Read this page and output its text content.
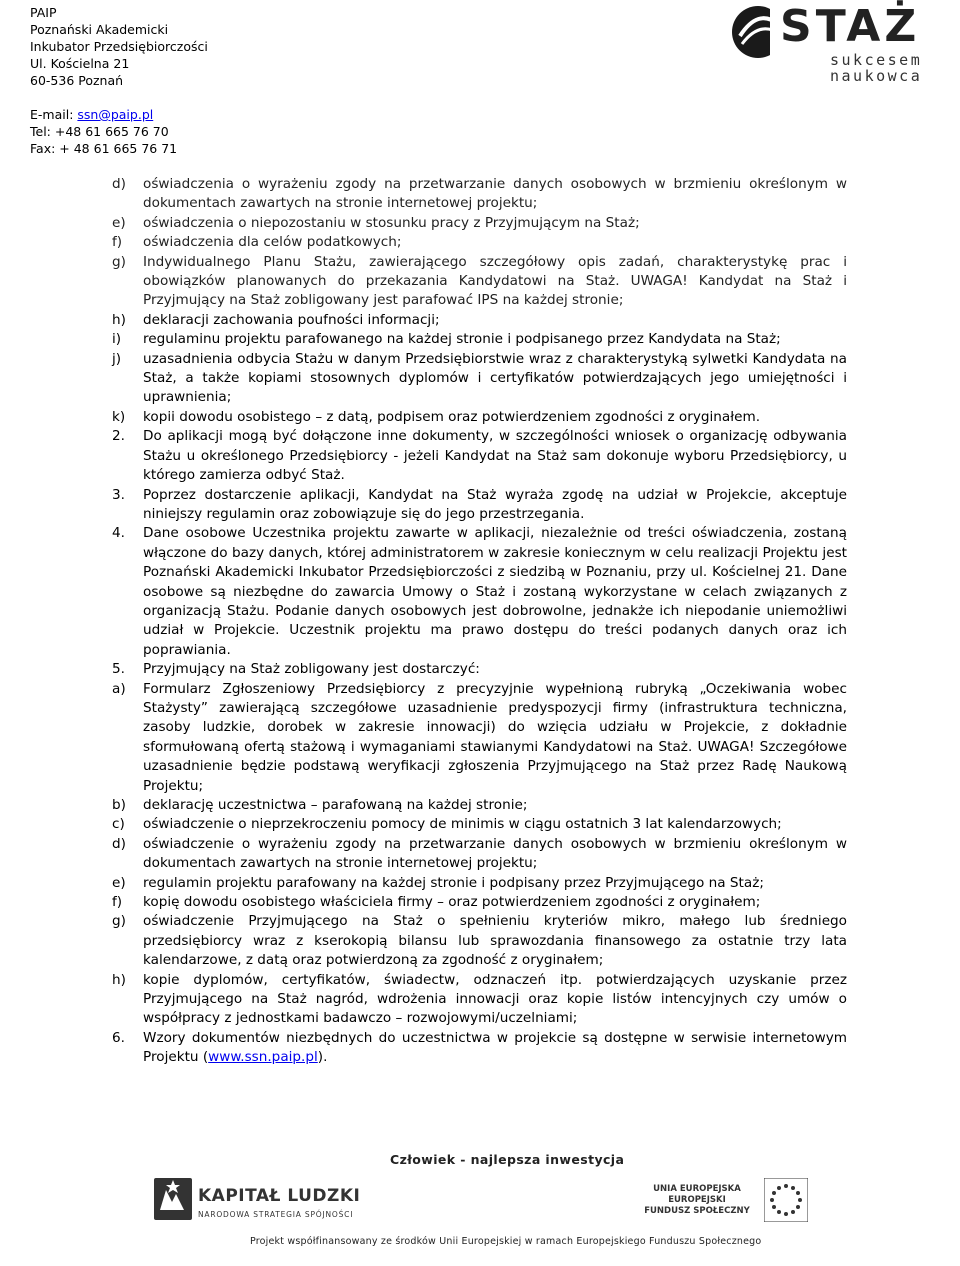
PAIP
Poznański Akademicki
Inkubator Przedsiębiorczości
Ul. Kościelna 21
60-536 Poznań
E-mail: ssn@paip.pl
Tel: +48 61 665 76 70
Fax: + 48 61 665 76 71
STAŻ
sukcesem
naukowca
d) oświadczenia o wyrażeniu zgody na przetwarzanie danych osobowych w brzmieniu określonym w dokumentach zawartych na stronie internetowej projektu;
e) oświadczenia o niepozostaniu w stosunku pracy z Przyjmującym na Staż;
f) oświadczenia dla celów podatkowych;
g) Indywidualnego Planu Stażu, zawierającego szczegółowy opis zadań, charakterystykę prac i obowiązków planowanych do przekazania Kandydatowi na Staż. UWAGA! Kandydat na Staż i Przyjmujący na Staż zobligowany jest parafować IPS na każdej stronie;
h) deklaracji zachowania poufności informacji;
i) regulaminu projektu parafowanego na każdej stronie i podpisanego przez Kandydata na Staż;
j) uzasadnienia odbycia Stażu w danym Przedsiębiorstwie wraz z charakterystyką sylwetki Kandydata na Staż, a także kopiami stosownych dyplomów i certyfikatów potwierdzających jego umiejętności i uprawnienia;
k) kopii dowodu osobistego – z datą, podpisem oraz potwierdzeniem zgodności z oryginałem.
2. Do aplikacji mogą być dołączone inne dokumenty, w szczególności wniosek o organizację odbywania Stażu u określonego Przedsiębiorcy - jeżeli Kandydat na Staż sam dokonuje wyboru Przedsiębiorcy, u którego zamierza odbyć Staż.
3. Poprzez dostarczenie aplikacji, Kandydat na Staż wyraża zgodę na udział w Projekcie, akceptuje niniejszy regulamin oraz zobowiązuje się do jego przestrzegania.
4. Dane osobowe Uczestnika projektu zawarte w aplikacji, niezależnie od treści oświadczenia, zostaną włączone do bazy danych, której administratorem w zakresie koniecznym w celu realizacji Projektu jest Poznański Akademicki Inkubator Przedsiębiorczości z siedzibą w Poznaniu, przy ul. Kościelnej 21. Dane osobowe są niezbędne do zawarcia Umowy o Staż i zostaną wykorzystane w celach związanych z organizacją Stażu. Podanie danych osobowych jest dobrowolne, jednakże ich niepodanie uniemożliwi udział w Projekcie. Uczestnik projektu ma prawo dostępu do treści podanych danych oraz ich poprawiania.
5. Przyjmujący na Staż zobligowany jest dostarczyć:
a) Formularz Zgłoszeniowy Przedsiębiorcy z precyzyjnie wypełnioną rubryką „Oczekiwania wobec Stażysty” zawierającą szczegółowe uzasadnienie predyspozycji firmy (infrastruktura techniczna, zasoby ludzkie, dorobek w zakresie innowacji) do wzięcia udziału w Projekcie, z dokładnie sformułowaną ofertą stażową i wymaganiami stawianymi Kandydatowi na Staż. UWAGA! Szczegółowe uzasadnienie będzie podstawą weryfikacji zgłoszenia Przyjmującego na Staż przez Radę Naukową Projektu;
b) deklarację uczestnictwa – parafowaną na każdej stronie;
c) oświadczenie o nieprzekroczeniu pomocy de minimis w ciągu ostatnich 3 lat kalendarzowych;
d) oświadczenie o wyrażeniu zgody na przetwarzanie danych osobowych w brzmieniu określonym w dokumentach zawartych na stronie internetowej projektu;
e) regulamin projektu parafowany na każdej stronie i podpisany przez Przyjmującego na Staż;
f) kopię dowodu osobistego właściciela firmy – oraz potwierdzeniem zgodności z oryginałem;
g) oświadczenie Przyjmującego na Staż o spełnieniu kryteriów mikro, małego lub średniego przedsiębiorcy wraz z kserokopią bilansu lub sprawozdania finansowego za ostatnie trzy lata kalendarzowe, z datą oraz potwierdzoną za zgodność z oryginałem;
h) kopie dyplomów, certyfikatów, świadectw, odznaczeń itp. potwierdzających uzyskanie przez Przyjmującego na Staż nagród, wdrożenia innowacji oraz kopie listów intencyjnych czy umów o współpracy z jednostkami badawczo – rozwojowymi/uczelniami;
6. Wzory dokumentów niezbędnych do uczestnictwa w projekcie są dostępne w serwisie internetowym Projektu (www.ssn.paip.pl).
Człowiek - najlepsza inwestycja
KAPITAŁ LUDZKI
NARODOWA STRATEGIA SPÓJNOŚCI
UNIA EUROPEJSKA
EUROPEJSKI
FUNDUSZ SPOŁECZNY
Projekt współfinansowany ze środków Unii Europejskiej w ramach Europejskiego Funduszu Społecznego
